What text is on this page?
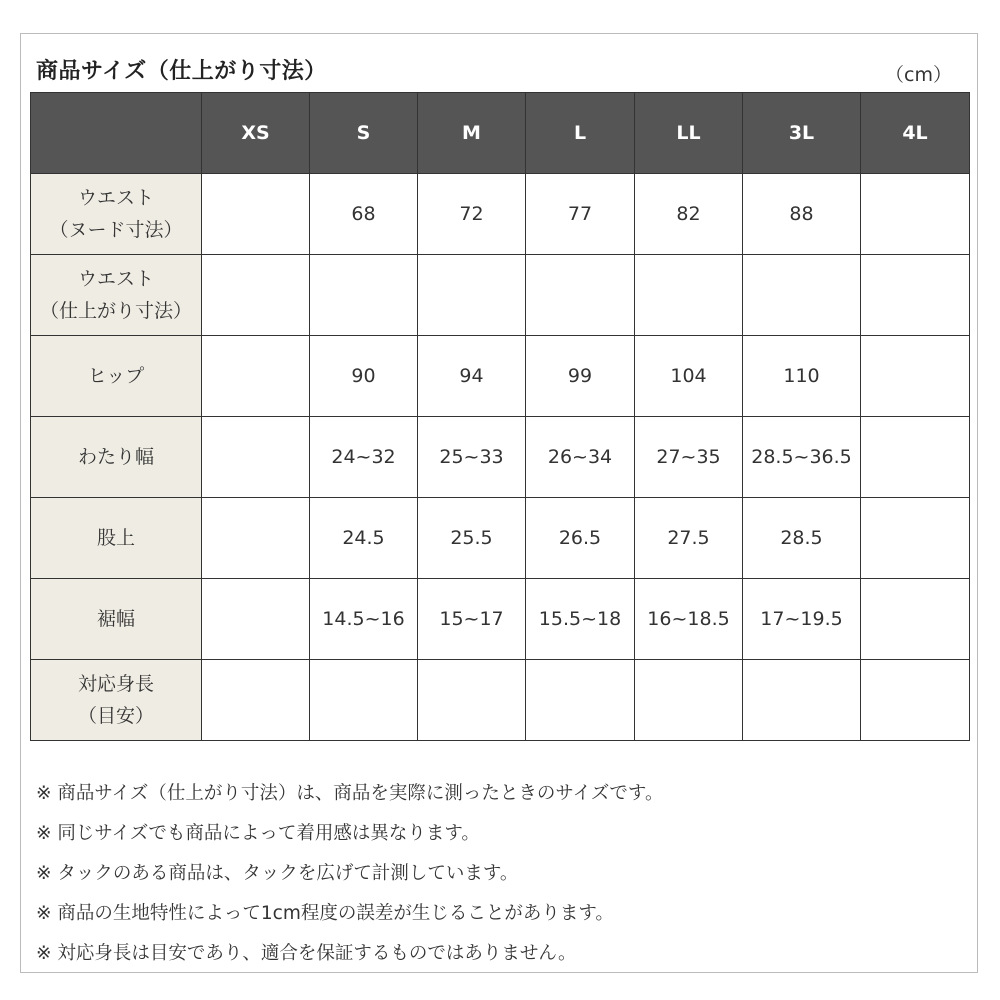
商品サイズ（仕上がり寸法）	（cm）
	XS	S	M	L	LL	3L	4L

ウエスト
（ヌード寸法）		68	72	77	82	88	

ウエスト
（仕上がり寸法）							

ヒップ		90	94	99	104	110	

わたり幅		24~32	25~33	26~34	27~35	28.5~36.5	

股上		24.5	25.5	26.5	27.5	28.5	

裾幅		14.5~16	15~17	15.5~18	16~18.5	17~19.5	

対応身長
（目安）							

※ 商品サイズ（仕上がり寸法）は、商品を実際に測ったときのサイズです。
※ 同じサイズでも商品によって着用感は異なります。
※ タックのある商品は、タックを広げて計測しています。
※ 商品の生地特性によって1cm程度の誤差が生じることがあります。
※ 対応身長は目安であり、適合を保証するものではありません。
